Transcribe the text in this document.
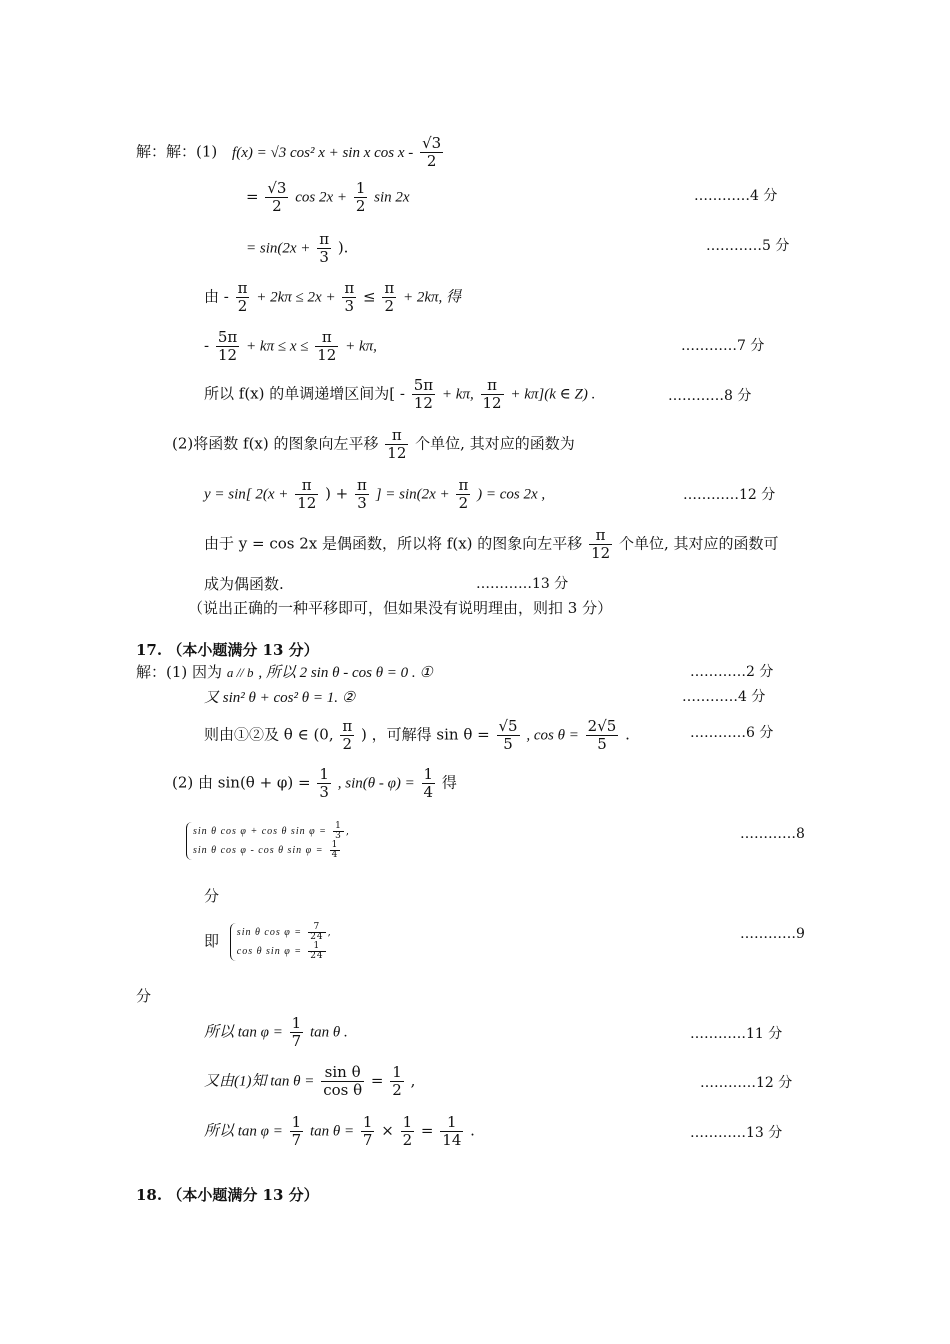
解：解：(1) f(x) = √3 cos² x + sin x cos x - $\frac{√3}{2}$
= $\frac{√3}{2}$ $\cos 2x + \frac{1}{2}$ sin 2x	…………4 分
= $\sin(2x + \frac{\pi}{3}$ ).	…………5 分
由 - $\frac{\pi}{2} + 2k\pi \le 2x + \frac{\pi}{3} \le \frac{\pi}{2} + 2k\pi$, 得
- $\frac{5\pi}{12} + k\pi \le x \le \frac{\pi}{12} + k\pi$,	…………7 分
所以 f(x) 的单调递增区间为[ - $\frac{5\pi}{12} + k\pi$, $\frac{\pi}{12} + k\pi](k$ ∈ Z) .	…………8 分
(2)将函数 f(x) 的图象向左平移 $\frac{\pi}{12}$ 个单位, 其对应的函数为
y = sin[ $2(x + \frac{\pi}{12}$ ) + $\frac{\pi}{3}$ ] = $\sin(2x + \frac{\pi}{2}$ ) = cos 2x ,	…………12 分
由于 y = cos 2x 是偶函数，所以将 f(x) 的图象向左平移 $\frac{\pi}{12}$ 个单位, 其对应的函数可
成为偶函数.	…………13 分
（说出正确的一种平移即可，但如果没有说明理由，则扣 3 分）
17. （本小题满分 13 分）
解：(1) 因为 a // b , 所以 2 sin θ - cos θ = 0 . ①	…………2 分
又 sin² θ + cos² θ = 1. ②	…………4 分
则由①②及 θ ∈ (0, $\frac{\pi}{2}$ ) ，可解得 $\sin \theta = \frac{√5}{5}$ , $\cos \theta = \frac{2√5}{5}$ .	…………6 分
(2) 由 $\sin(\theta + \varphi) = \frac{1}{3}$ , $\sin(\theta - \varphi) = \frac{1}{4}$ 得
sin θ cos φ + cos θ $\sin \varphi = \frac{1}{3}$ ,
sin θ cos φ - cos θ $\sin \varphi = \frac{1}{4}$
…………8
分
即 sin θ $\cos \varphi = \frac{7}{24}$ ,
cos θ $\sin \varphi = \frac{1}{24}$
…………9
分
所以 $\tan \varphi = \frac{1}{7}$ tan θ .	…………11 分
又由(1)知 $\tan \theta = \frac{\text{sin θ}}{\text{cos θ}} = \frac{1}{2}$ ,	…………12 分
所以 $\tan \varphi = \frac{1}{7}$ $\tan \theta = \frac{1}{7} \times \frac{1}{2} = \frac{1}{14}$ .	…………13 分
18. （本小题满分 13 分）
